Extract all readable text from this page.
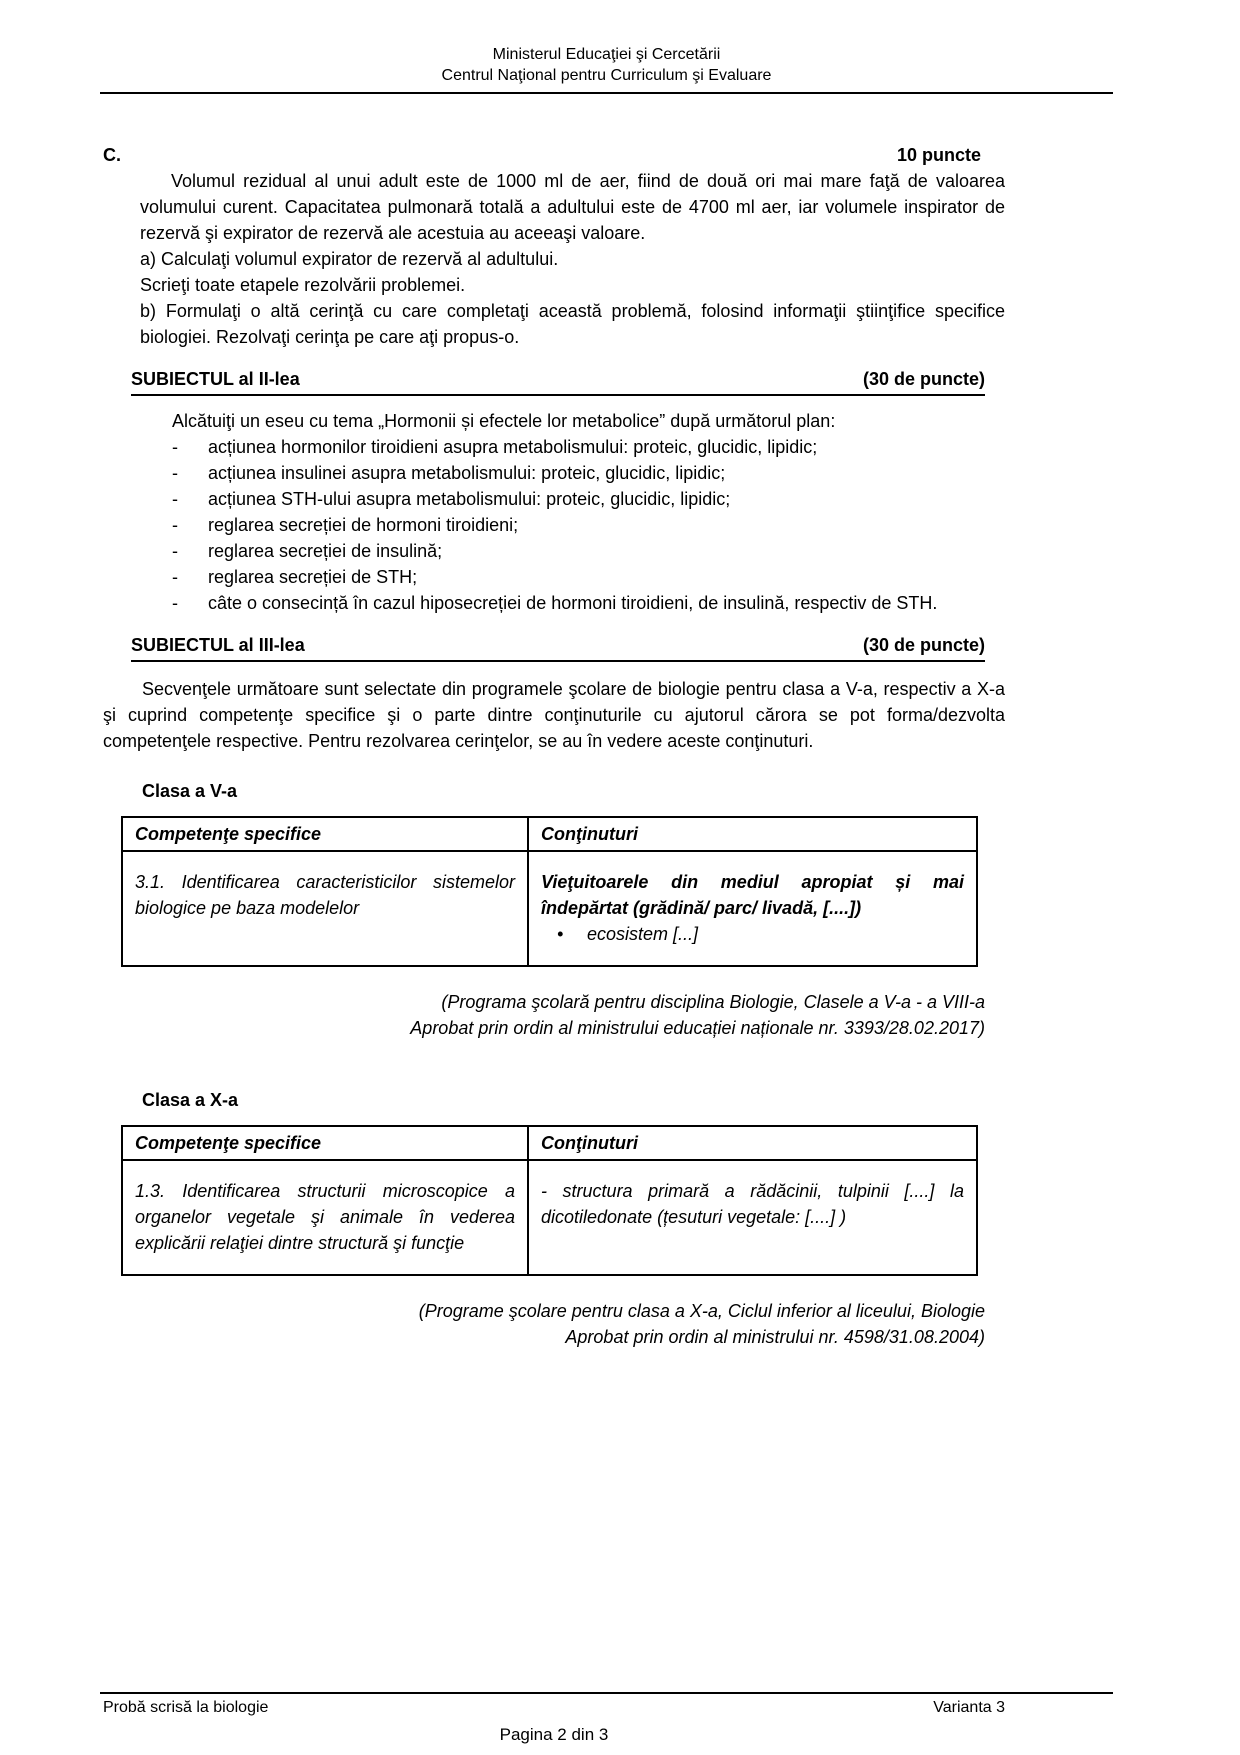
Ministerul Educaţiei şi Cercetării
Centrul Naţional pentru Curriculum şi Evaluare
C.	10 puncte

Volumul rezidual al unui adult este de 1000 ml de aer, fiind de două ori mai mare faţă de valoarea volumului curent. Capacitatea pulmonară totală a adultului este de 4700 ml aer, iar volumele inspirator de rezervă şi expirator de rezervă ale acestuia au aceeaşi valoare.

a) Calculaţi volumul expirator de rezervă al adultului.

Scrieţi toate etapele rezolvării problemei.

b) Formulaţi o altă cerinţă cu care completaţi această problemă, folosind informaţii ştiinţifice specifice biologiei. Rezolvaţi cerinţa pe care aţi propus-o.

SUBIECTUL al II-lea	(30 de puncte)

Alcătuiţi un eseu cu tema „Hormonii și efectele lor metabolice” după următorul plan:

- acțiunea hormonilor tiroidieni asupra metabolismului: proteic, glucidic, lipidic;
- acțiunea insulinei asupra metabolismului: proteic, glucidic, lipidic;
- acțiunea STH-ului asupra metabolismului: proteic, glucidic, lipidic;
- reglarea secreției de hormoni tiroidieni;
- reglarea secreției de insulină;
- reglarea secreției de STH;
- câte o consecință în cazul hiposecreției de hormoni tiroidieni, de insulină, respectiv de STH.
SUBIECTUL al III-lea	(30 de puncte)

Secvenţele următoare sunt selectate din programele şcolare de biologie pentru clasa a V-a, respectiv a X-a şi cuprind competenţe specifice şi o parte dintre conţinuturile cu ajutorul cărora se pot forma/dezvolta competenţele respective. Pentru rezolvarea cerinţelor, se au în vedere aceste conţinuturi.

Clasa a V-a
Competenţe specifice	Conţinuturi

3.1. Identificarea caracteristicilor sistemelor biologice pe baza modelelor	Vieţuitoarele din mediul apropiat și mai îndepărtat (grădină/ parc/ livadă, [....])
• ecosistem [...]
(Programa şcolară pentru disciplina Biologie, Clasele a V-a - a VIII-a
Aprobat prin ordin al ministrului educației naționale nr. 3393/28.02.2017)
Clasa a X-a
Competenţe specifice	Conţinuturi

1.3. Identificarea structurii microscopice a organelor vegetale şi animale în vederea explicării relaţiei dintre structură şi funcţie	- structura primară a rădăcinii, tulpinii [....] la dicotiledonate (țesuturi vegetale: [....] )
(Programe şcolare pentru clasa a X-a, Ciclul inferior al liceului, Biologie
Aprobat prin ordin al ministrului nr. 4598/31.08.2004)
Probă scrisă la biologie	Varianta 3
Pagina 2 din 3
